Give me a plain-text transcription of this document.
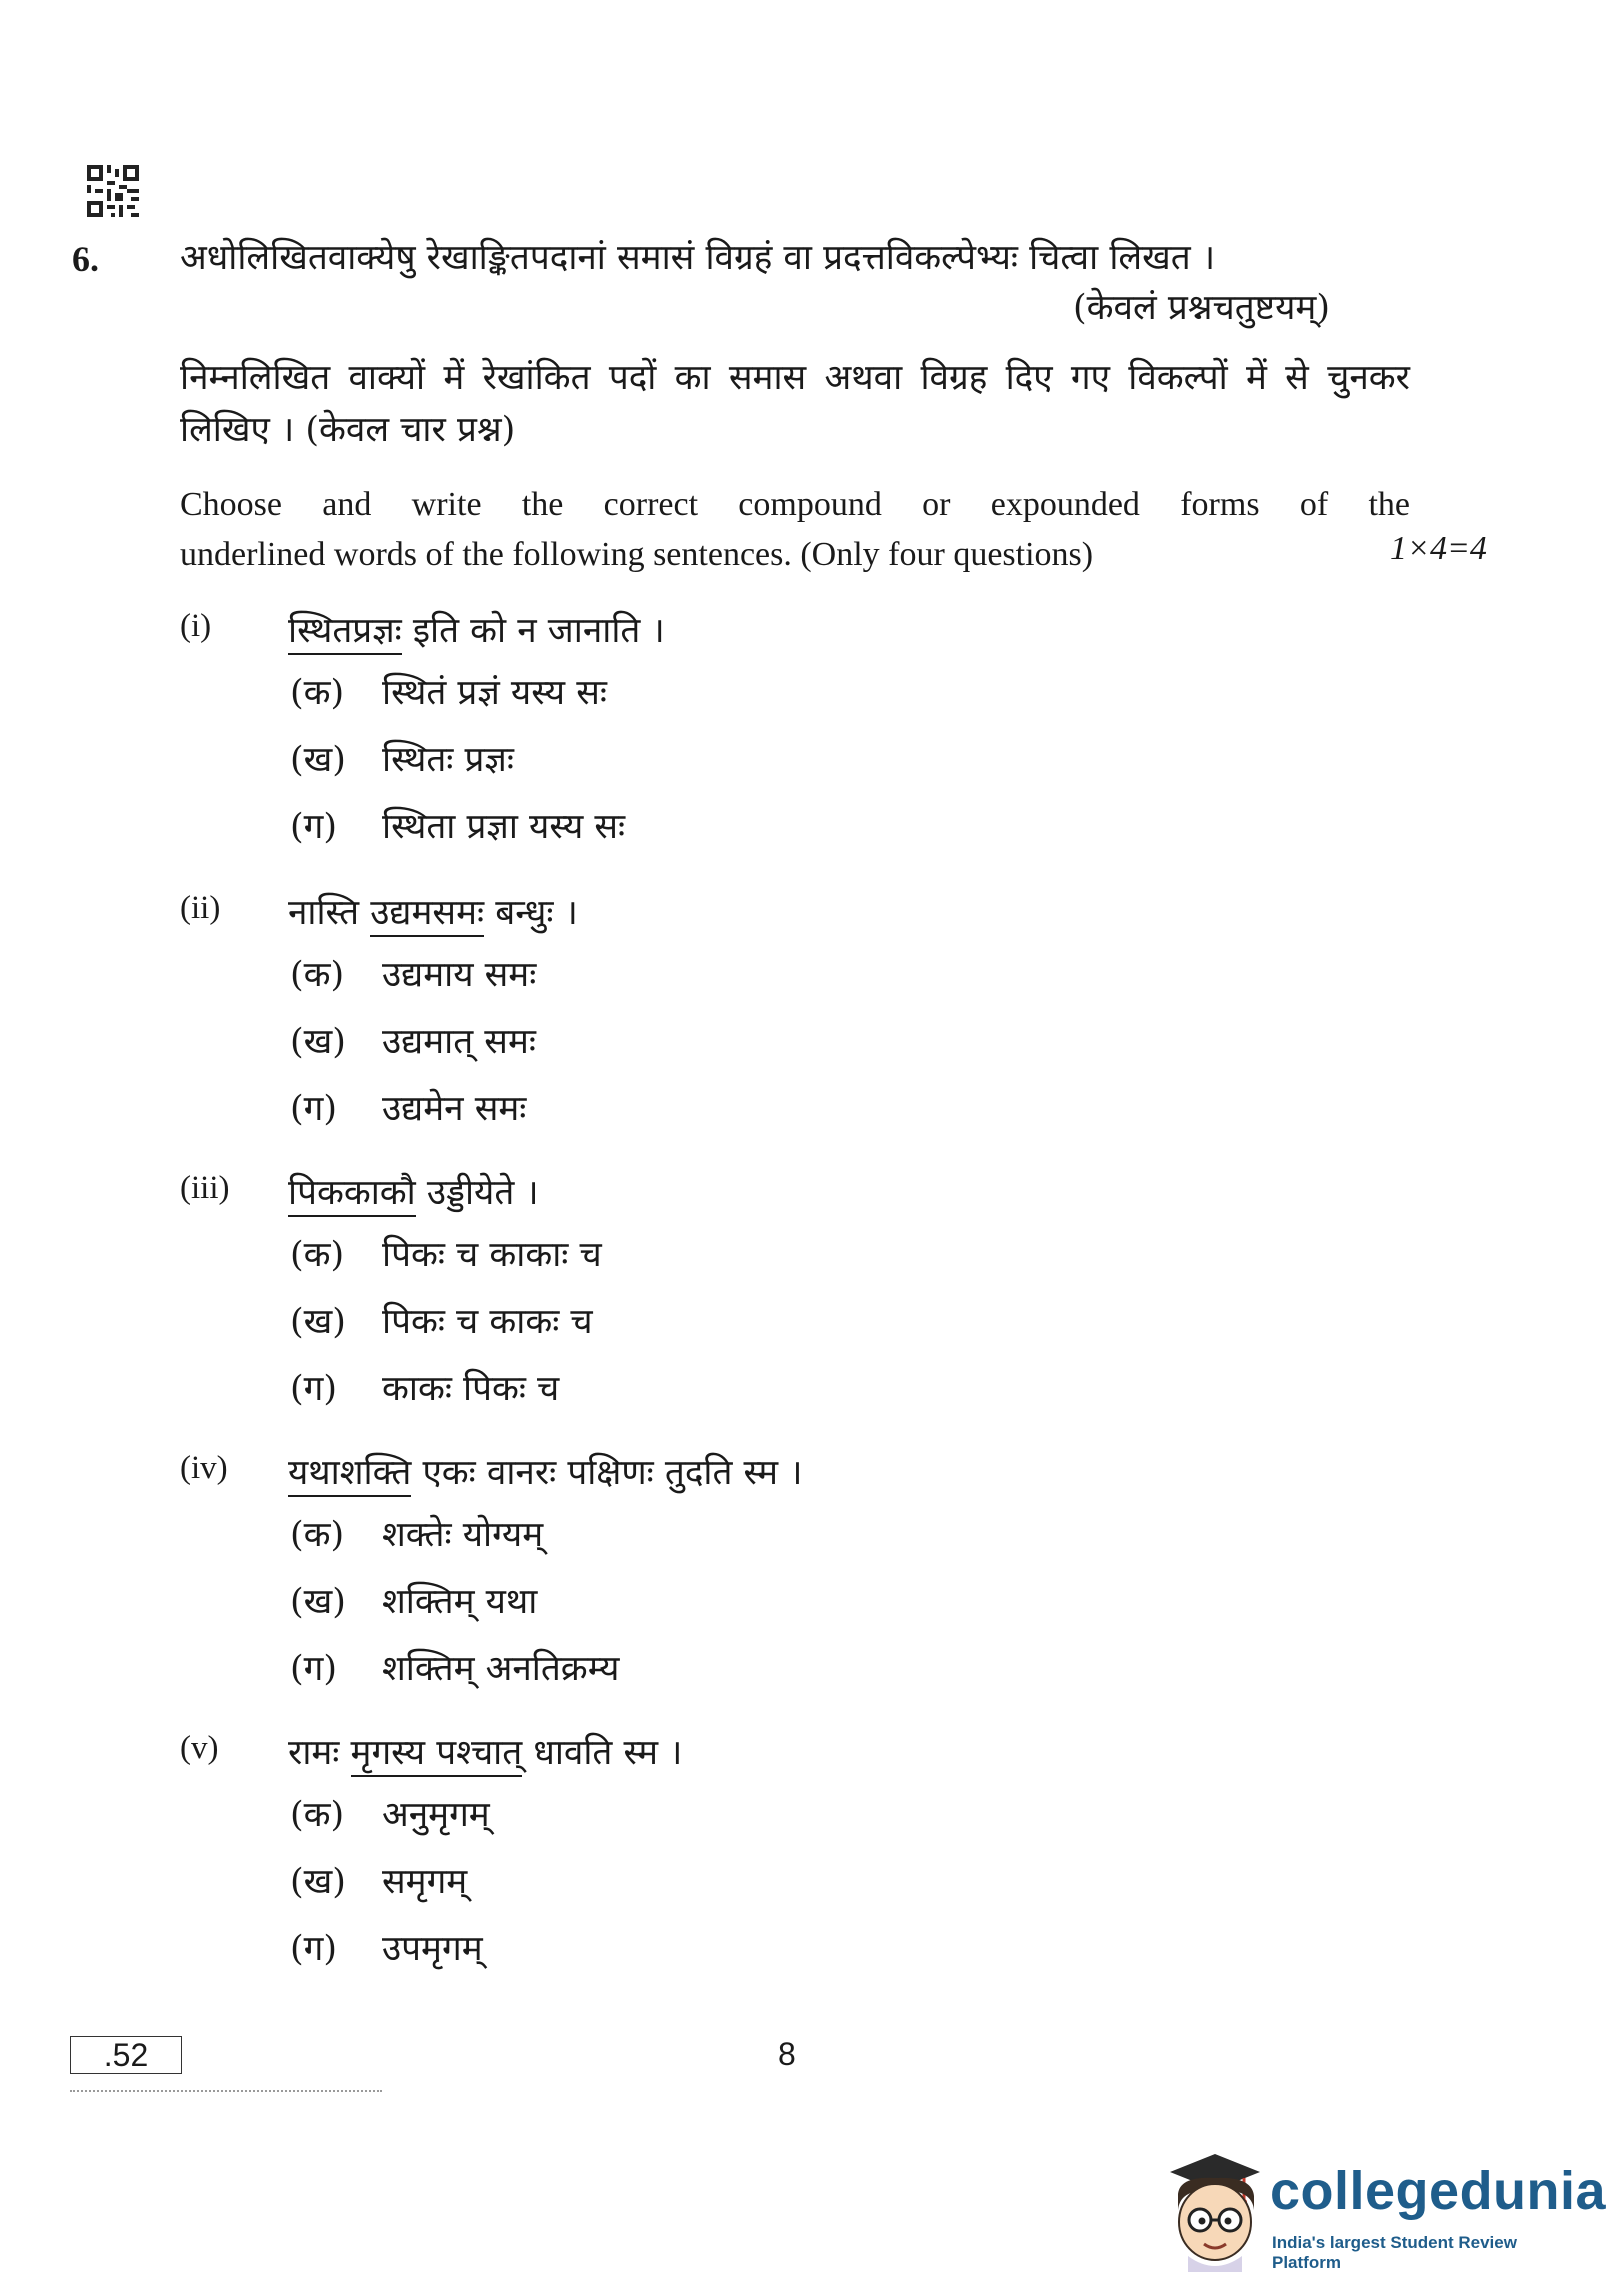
6. अधोलिखितवाक्येषु रेखाङ्कितपदानां समासं विग्रहं वा प्रदत्तविकल्पेभ्यः चित्वा लिखत ।
(केवलं प्रश्नचतुष्टयम्)
निम्नलिखित वाक्यों में रेखांकित पदों का समास अथवा विग्रह दिए गए विकल्पों में से चुनकर लिखिए । (केवल चार प्रश्न)
Choose and write the correct compound or expounded forms of the
underlined words of the following sentences. (Only four questions)	1×4=4
(i) स्थितप्रज्ञः इति को न जानाति ।
(क) स्थितं प्रज्ञं यस्य सः
(ख) स्थितः प्रज्ञः
(ग) स्थिता प्रज्ञा यस्य सः
(ii) नास्ति उद्यमसमः बन्धुः ।
(क) उद्यमाय समः
(ख) उद्यमात् समः
(ग) उद्यमेन समः
(iii) पिककाकौ उड्डीयेते ।
(क) पिकः च काकाः च
(ख) पिकः च काकः च
(ग) काकः पिकः च
(iv) यथाशक्ति एकः वानरः पक्षिणः तुदति स्म ।
(क) शक्तेः योग्यम्
(ख) शक्तिम् यथा
(ग) शक्तिम् अनतिक्रम्य
(v) रामः मृगस्य पश्चात् धावति स्म ।
(क) अनुमृगम्
(ख) समृगम्
(ग) उपमृगम्
.52	8
collegedunia
India's largest Student Review Platform
